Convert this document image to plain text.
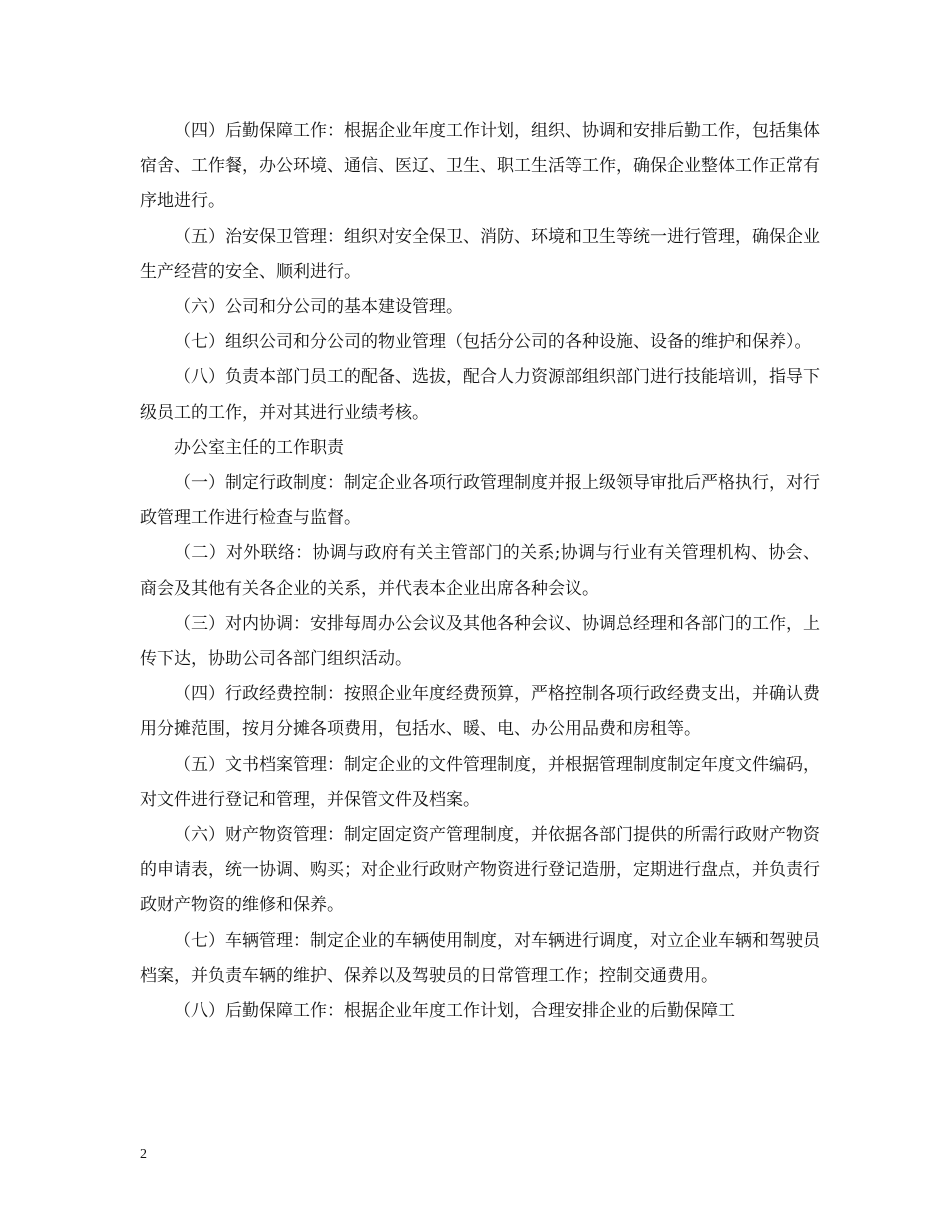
（四）后勤保障工作：根据企业年度工作计划，组织、协调和安排后勤工作，包括集体宿舍、工作餐，办公环境、通信、医辽、卫生、职工生活等工作，确保企业整体工作正常有序地进行。

（五）治安保卫管理：组织对安全保卫、消防、环境和卫生等统一进行管理，确保企业生产经营的安全、顺利进行。

（六）公司和分公司的基本建设管理。

（七）组织公司和分公司的物业管理（包括分公司的各种设施、设备的维护和保养）。

（八）负责本部门员工的配备、选拔，配合人力资源部组织部门进行技能培训，指导下级员工的工作，并对其进行业绩考核。

办公室主任的工作职责

（一）制定行政制度：制定企业各项行政管理制度并报上级领导审批后严格执行，对行政管理工作进行检查与监督。

（二）对外联络：协调与政府有关主管部门的关系;协调与行业有关管理机构、协会、商会及其他有关各企业的关系，并代表本企业出席各种会议。

（三）对内协调：安排每周办公会议及其他各种会议、协调总经理和各部门的工作，上传下达，协助公司各部门组织活动。

（四）行政经费控制：按照企业年度经费预算，严格控制各项行政经费支出，并确认费用分摊范围，按月分摊各项费用，包括水、暖、电、办公用品费和房租等。

（五）文书档案管理：制定企业的文件管理制度，并根据管理制度制定年度文件编码，对文件进行登记和管理，并保管文件及档案。

（六）财产物资管理：制定固定资产管理制度，并依据各部门提供的所需行政财产物资的申请表，统一协调、购买；对企业行政财产物资进行登记造册，定期进行盘点，并负责行政财产物资的维修和保养。

（七）车辆管理：制定企业的车辆使用制度，对车辆进行调度，对立企业车辆和驾驶员档案，并负责车辆的维护、保养以及驾驶员的日常管理工作；控制交通费用。

（八）后勤保障工作：根据企业年度工作计划，合理安排企业的后勤保障工

2
